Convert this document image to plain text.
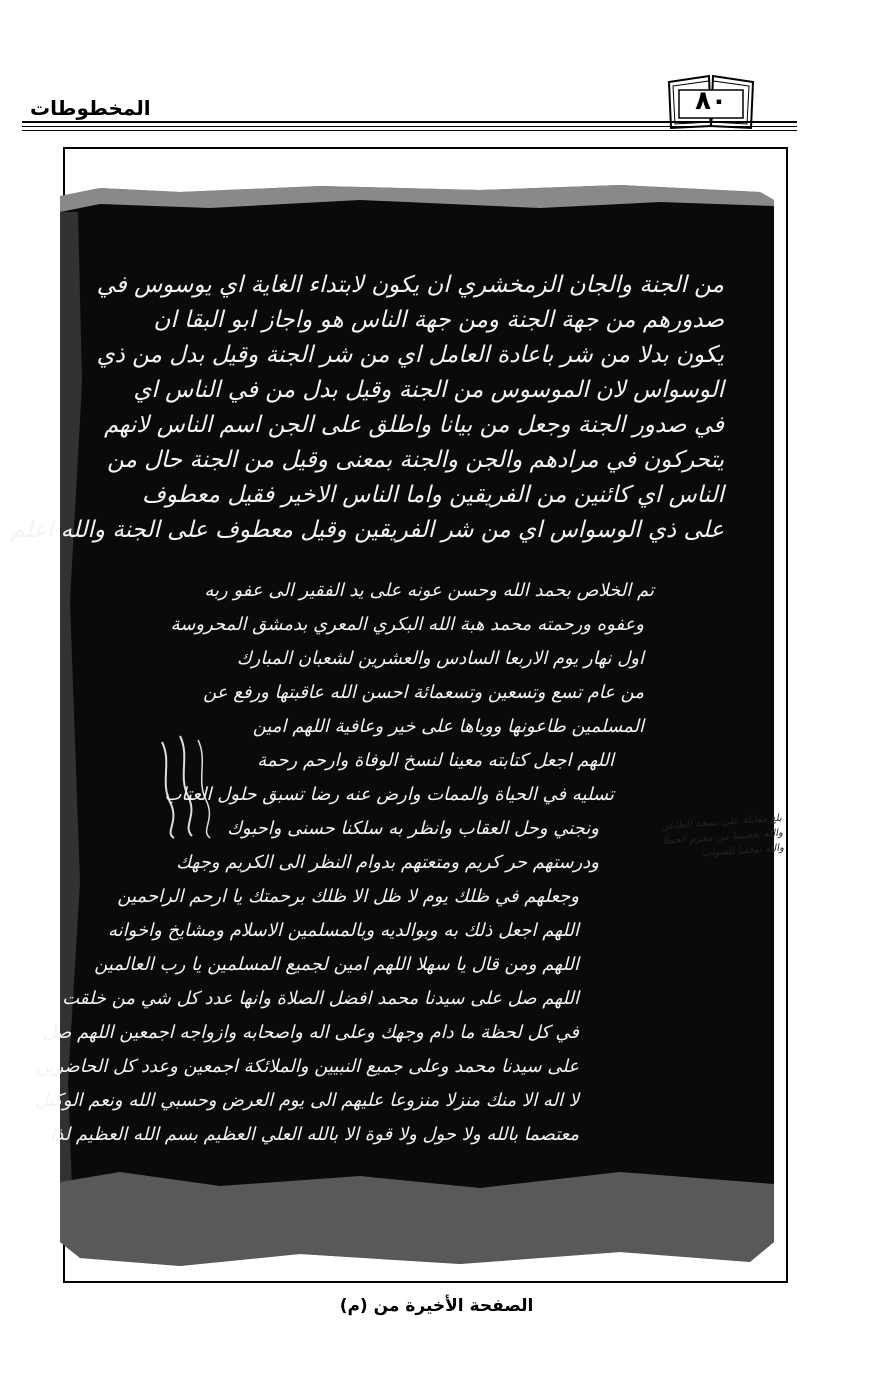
المخطوطات	٨٠
من الجنة والجان الزمخشري ان يكون لابتداء الغاية اي يوسوس في
صدورهم من جهة الجنة ومن جهة الناس هو واجاز ابو البقا ان
يكون بدلا من شر باعادة العامل اي من شر الجنة وقيل بدل من ذي
الوسواس لان الموسوس من الجنة وقيل بدل من في الناس اي
في صدور الجنة وجعل من بيانا واطلق على الجن اسم الناس لانهم
يتحركون في مرادهم والجن والجنة بمعنى وقيل من الجنة حال من
الناس اي كائنين من الفريقين واما الناس الاخير فقيل معطوف
على ذي الوسواس اي من شر الفريقين وقيل معطوف على الجنة والله اعلم
تم الخلاص بحمد الله وحسن عونه على يد الفقير الى عفو ربه
وعفوه ورحمته محمد هبة الله البكري المعري بدمشق المحروسة
اول نهار يوم الاربعا السادس والعشرين لشعبان المبارك
من عام تسع وتسعين وتسعمائة احسن الله عاقبتها ورفع عن
المسلمين طاعونها ووباها على خير وعافية اللهم امين
اللهم اجعل كتابته معينا لنسخ الوفاة وارحم رحمة
تسليه في الحياة والممات وارض عنه رضا تسبق حلول العتاب
ونجني وحل العقاب وانظر به سلكنا حسنى واحبوك
ودرستهم حر كريم ومتعتهم بدوام النظر الى الكريم وجهك
وجعلهم في ظلك يوم لا ظل الا ظلك برحمتك يا ارحم الراحمين
اللهم اجعل ذلك به وبوالديه وبالمسلمين الاسلام ومشايخ واخوانه
اللهم ومن قال يا سهلا اللهم امين لجميع المسلمين يا رب العالمين
اللهم صل على سيدنا محمد افضل الصلاة وانها عدد كل شي من خلقت
في كل لحظة ما دام وجهك وعلى اله واصحابه وازواجه اجمعين اللهم صل
على سيدنا محمد وعلى جميع النبيين والملائكة اجمعين وعدد كل الحاضرين
لا اله الا منك منزلا منزوعا عليهم الى يوم العرض وحسبي الله ونعم الوكيل
معتصما بالله ولا حول ولا قوة الا بالله العلي العظيم بسم الله العظيم لذا
بلغ مقابلة على نسخة الطاعن
والله يعصمنا من مجرم الخطا
والله يوفقنا للصواب
الصفحة الأخيرة من (م)
